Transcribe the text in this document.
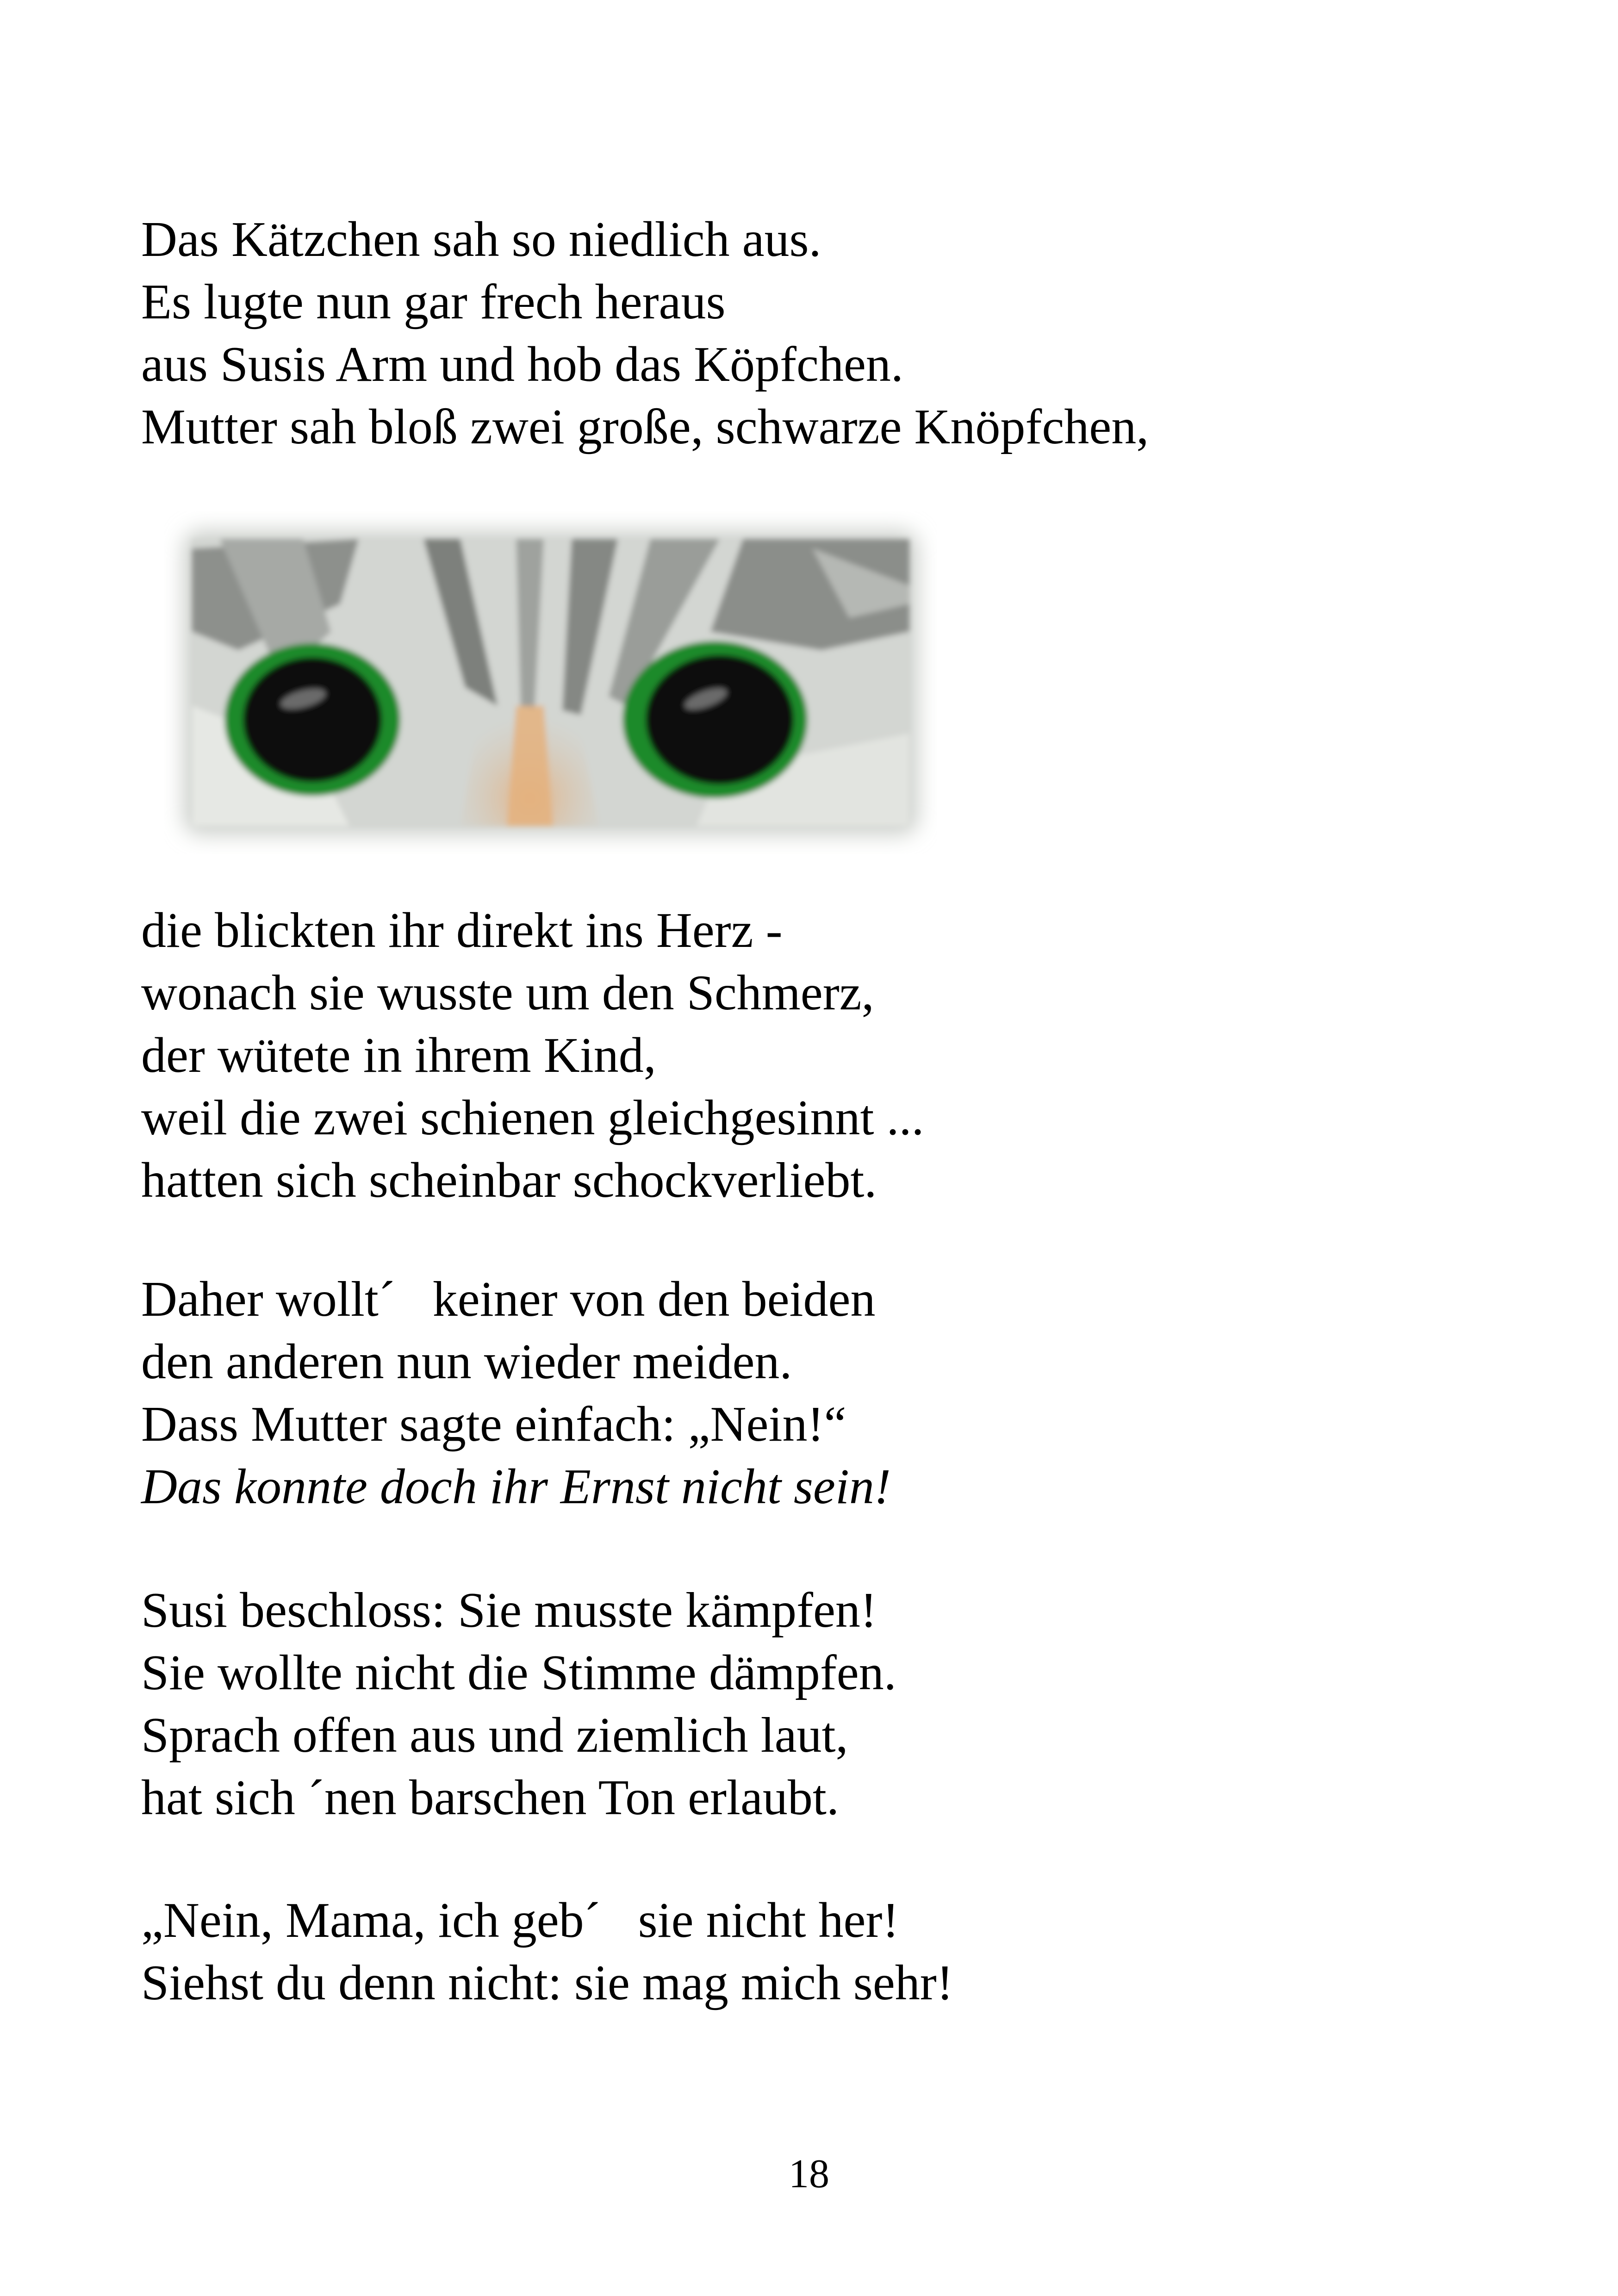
Das Kätzchen sah so niedlich aus.
Es lugte nun gar frech heraus
aus Susis Arm und hob das Köpfchen.
Mutter sah bloß zwei große, schwarze Knöpfchen,
die blickten ihr direkt ins Herz -
wonach sie wusste um den Schmerz,
der wütete in ihrem Kind,
weil die zwei schienen gleichgesinnt ...
hatten sich scheinbar schockverliebt.
Daher wollt´   keiner von den beiden
den anderen nun wieder meiden.
Dass Mutter sagte einfach: „Nein!“
Das konnte doch ihr Ernst nicht sein!
Susi beschloss: Sie musste kämpfen!
Sie wollte nicht die Stimme dämpfen.
Sprach offen aus und ziemlich laut,
hat sich ´nen barschen Ton erlaubt.
„Nein, Mama, ich geb´   sie nicht her!
Siehst du denn nicht: sie mag mich sehr!
18
